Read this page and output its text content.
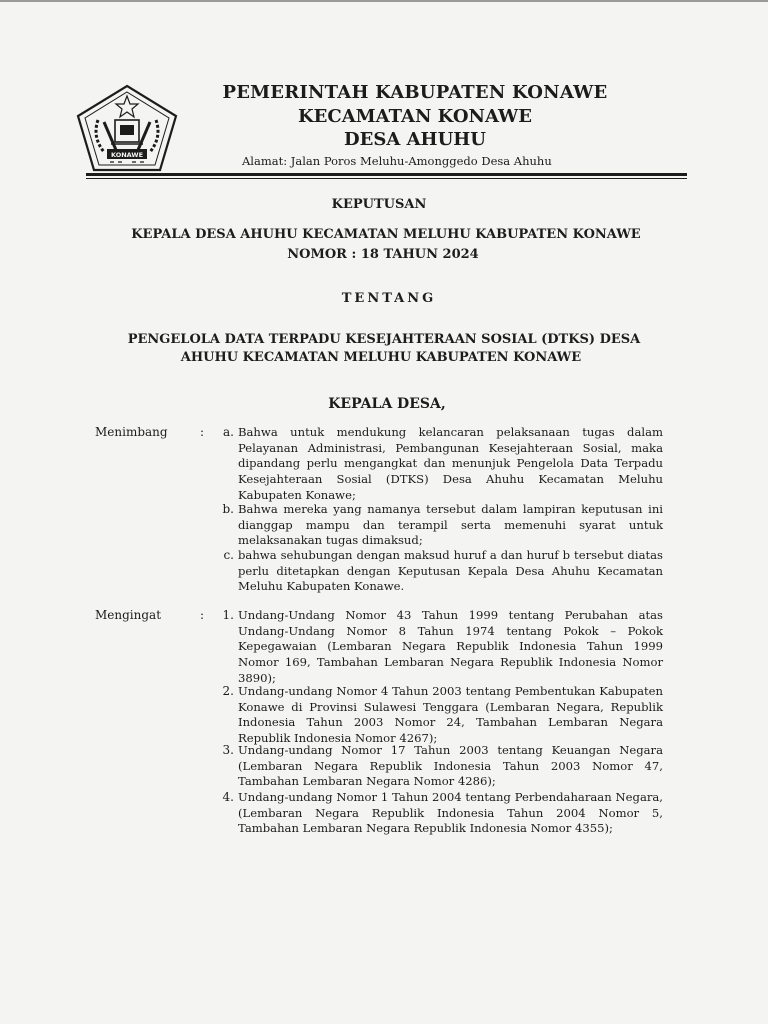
KONAWE
PEMERINTAH KABUPATEN KONAWE
KECAMATAN KONAWE
DESA AHUHU
Alamat: Jalan Poros Meluhu-Amonggedo Desa Ahuhu
KEPUTUSAN
KEPALA DESA AHUHU KECAMATAN MELUHU KABUPATEN KONAWE
NOMOR : 18 TAHUN 2024
TENTANG
PENGELOLA DATA TERPADU KESEJAHTERAAN SOSIAL (DTKS) DESA
AHUHU KECAMATAN MELUHU KABUPATEN KONAWE
KEPALA DESA,
Menimbang	:	a. Bahwa untuk mendukung kelancaran pelaksanaan tugas dalam Pelayanan Administrasi, Pembangunan Kesejahteraan Sosial, maka dipandang perlu mengangkat dan menunjuk Pengelola Data Terpadu Kesejahteraan Sosial (DTKS) Desa Ahuhu Kecamatan Meluhu Kabupaten Konawe;
b. Bahwa mereka yang namanya tersebut dalam lampiran keputusan ini dianggap mampu dan terampil serta memenuhi syarat untuk melaksanakan tugas dimaksud;
c. bahwa sehubungan dengan maksud huruf a dan huruf b tersebut diatas perlu ditetapkan dengan Keputusan Kepala Desa Ahuhu Kecamatan Meluhu Kabupaten Konawe.
Mengingat	:	1. Undang-Undang Nomor 43 Tahun 1999 tentang Perubahan atas Undang-Undang Nomor 8 Tahun 1974 tentang Pokok – Pokok Kepegawaian (Lembaran Negara Republik Indonesia Tahun 1999 Nomor 169, Tambahan Lembaran Negara Republik Indonesia Nomor 3890);
2. Undang-undang Nomor 4 Tahun 2003 tentang Pembentukan Kabupaten Konawe di Provinsi Sulawesi Tenggara (Lembaran Negara, Republik Indonesia Tahun 2003 Nomor 24, Tambahan Lembaran Negara Republik Indonesia Nomor 4267);
3. Undang-undang Nomor 17 Tahun 2003 tentang Keuangan Negara (Lembaran Negara Republik Indonesia Tahun 2003 Nomor 47, Tambahan Lembaran Negara Nomor 4286);
4. Undang-undang Nomor 1 Tahun 2004 tentang Perbendaharaan Negara, (Lembaran Negara Republik Indonesia Tahun 2004 Nomor 5, Tambahan Lembaran Negara Republik Indonesia Nomor 4355);
